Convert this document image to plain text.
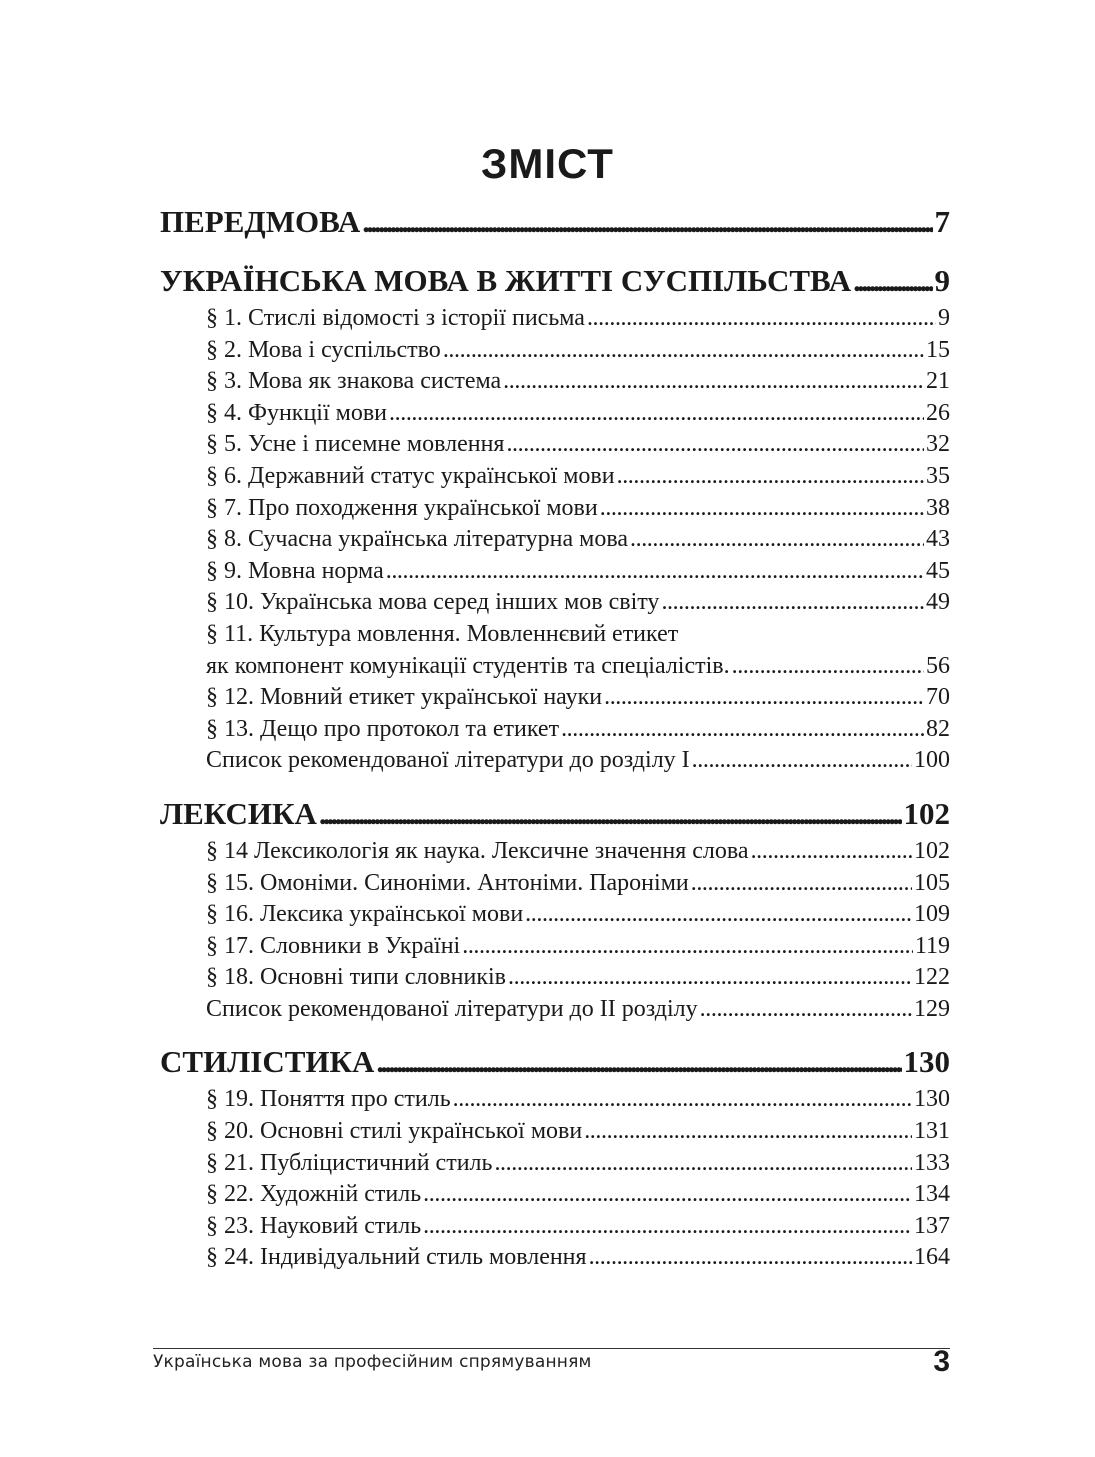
ЗМІСТ
ПЕРЕДМОВА . . .	7
УКРАЇНСЬКА МОВА В ЖИТТІ СУСПІЛЬСТВА . . .	9
§ 1. Стислі відомості з історії письма . . .	9
§ 2. Мова і суспільство . . .	15
§ 3. Мова як знакова система . . .	21
§ 4. Функції мови . . .	26
§ 5. Усне і писемне мовлення . . .	32
§ 6. Державний статус української мови . . .	35
§ 7. Про походження української мови . . .	38
§ 8. Сучасна українська літературна мова . . .	43
§ 9. Мовна норма . . .	45
§ 10. Українська мова серед інших мов світу . . .	49
§ 11. Культура мовлення. Мовленнєвий етикет
як компонент комунікації студентів та спеціалістів. . . .	56
§ 12. Мовний етикет української науки . . .	70
§ 13. Дещо про протокол та етикет . . .	82
Список рекомендованої літератури до розділу I . . .	100
ЛЕКСИКА . . .	102
§ 14 Лексикологія як наука. Лексичне значення слова . . .	102
§ 15. Омоніми. Синоніми. Антоніми. Пароніми . . .	105
§ 16. Лексика української мови . . .	109
§ 17. Словники в Україні . . .	119
§ 18. Основні типи словників . . .	122
Список рекомендованої літератури до II розділу . . .	129
СТИЛІСТИКА . . .	130
§ 19. Поняття про стиль . . .	130
§ 20. Основні стилі української мови . . .	131
§ 21. Публіцистичний стиль . . .	133
§ 22. Художній стиль . . .	134
§ 23. Науковий стиль . . .	137
§ 24. Індивідуальний стиль мовлення . . .	164
Українська мова за професійним спрямуванням	3
